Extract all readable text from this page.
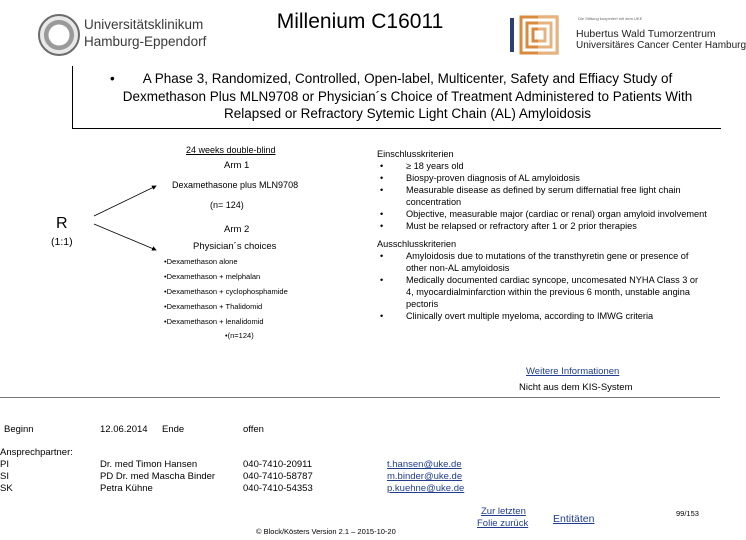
Millenium C16011
Universitätsklinikum
Hamburg-Eppendorf
Die Stiftung kooperiert mit dem UKE
Hubertus Wald Tumorzentrum
Universitäres Cancer Center Hamburg
•	A Phase 3, Randomized, Controlled, Open-label, Multicenter, Safety and Effiacy Study of

Dexmethason Plus MLN9708 or Physician´s Choice of Treatment Administered to Patients With

Relapsed or Refractory Sytemic Light Chain (AL) Amyloidosis

24 weeks double-blind
Arm 1
Dexamethasone plus MLN9708
(n= 124)
R
(1:1)
Arm 2
Physician´s choices
•Dexamethason alone
•Dexamethason + melphalan
•Dexamethason + cyclophosphamide
•Dexamethason + Thalidomid
•Dexamethason + lenalidomid
•(n=124)
Einschlusskriterien
• ≥ 18 years old
• Biospy-proven diagnosis of AL amyloidosis
• Measurable disease as defined by serum differnatial free light chain concentration
• Objective, measurable major (cardiac or renal) organ amyloid involvement
• Must be relapsed or refractory after 1 or 2 prior therapies
Ausschlusskriterien
• Amyloidosis due to mutations of the transthyretin gene or presence of other non-AL amyloidosis
• Medically documented cardiac syncope, uncomesated NYHA Class 3 or 4, myocardialminfarction within the previous 6 month, unstable angina pectoris
• Clinically overt multiple myeloma, according to IMWG criteria
Weitere Informationen
Nicht aus dem KIS-System
Beginn	12.06.2014 Ende	offen
Ansprechpartner:
PI	Dr. med Timon Hansen	040-7410-20911	t.hansen@uke.de
SI	PD Dr. med Mascha Binder	040-7410-58787	m.binder@uke.de
SK	Petra Kühne	040-7410-54353	p.kuehne@uke.de
Zur letzten
Folie zurück Entitäten	99/153
© Block/Kösters Version 2.1 – 2015-10-20
